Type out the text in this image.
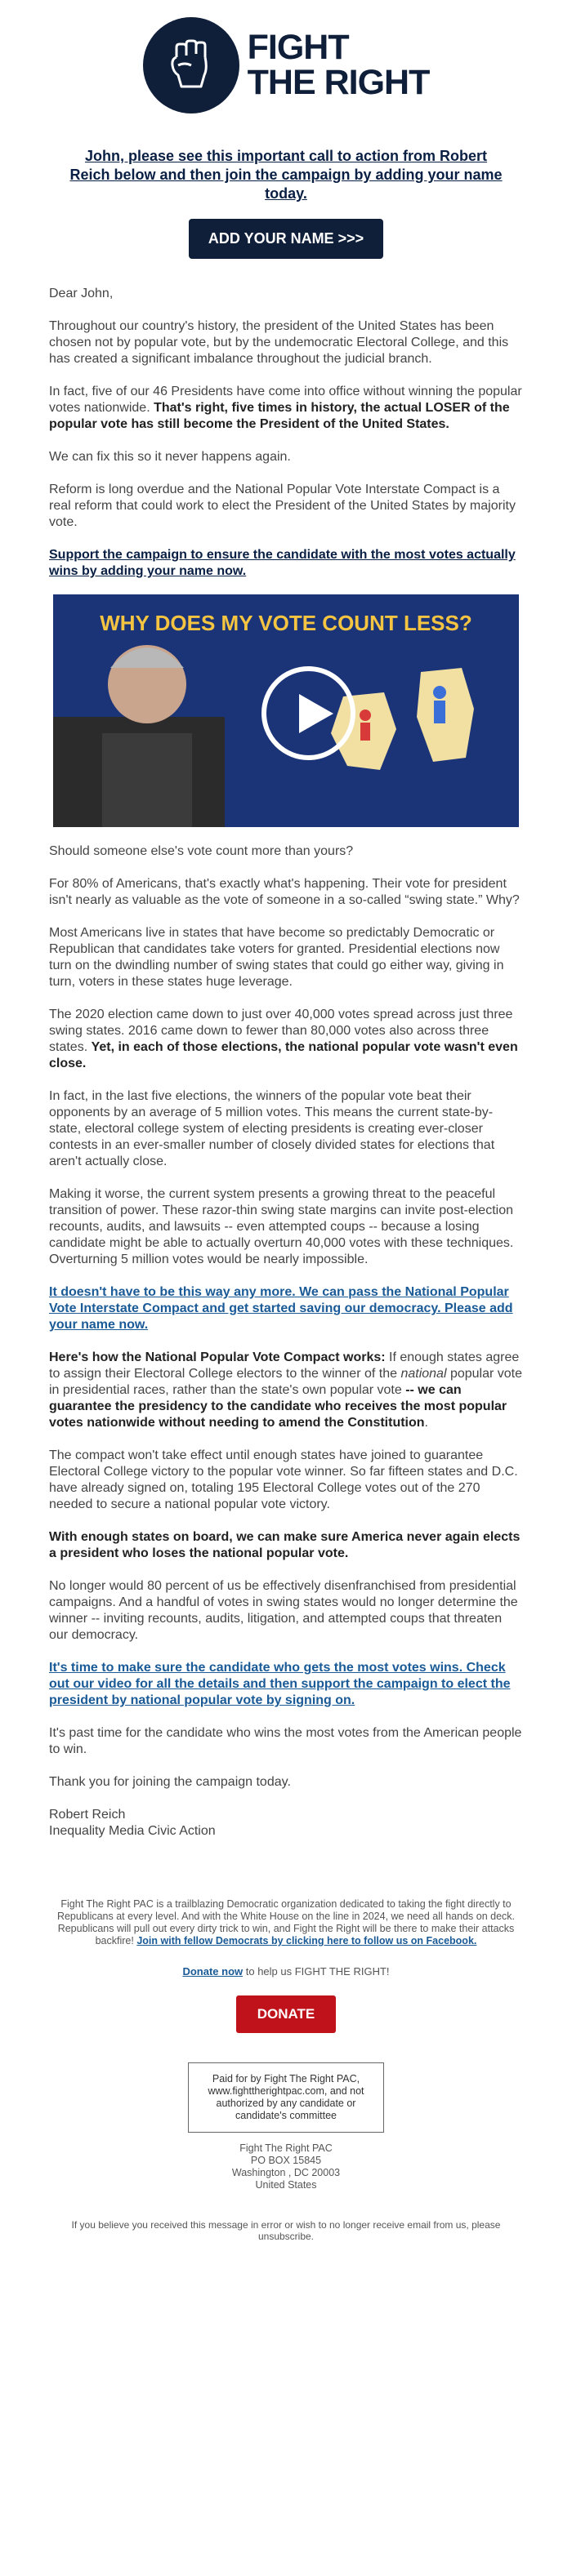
FIGHT
THE RIGHT
John, please see this important call to action from Robert Reich below and then join the campaign by adding your name today.
ADD YOUR NAME >>>

Dear John,

Throughout our country's history, the president of the United States has been chosen not by popular vote, but by the undemocratic Electoral College, and this has created a significant imbalance throughout the judicial branch.

In fact, five of our 46 Presidents have come into office without winning the popular votes nationwide. That's right, five times in history, the actual LOSER of the popular vote has still become the President of the United States.

We can fix this so it never happens again.

Reform is long overdue and the National Popular Vote Interstate Compact is a real reform that could work to elect the President of the United States by majority vote.

Support the campaign to ensure the candidate with the most votes actually wins by adding your name now.

WHY DOES MY VOTE COUNT LESS?

Should someone else's vote count more than yours?

For 80% of Americans, that's exactly what's happening. Their vote for president isn't nearly as valuable as the vote of someone in a so-called “swing state.” Why?

Most Americans live in states that have become so predictably Democratic or Republican that candidates take voters for granted. Presidential elections now turn on the dwindling number of swing states that could go either way, giving in turn, voters in these states huge leverage.

The 2020 election came down to just over 40,000 votes spread across just three swing states. 2016 came down to fewer than 80,000 votes also across three states. Yet, in each of those elections, the national popular vote wasn't even close.

In fact, in the last five elections, the winners of the popular vote beat their opponents by an average of 5 million votes. This means the current state-by-state, electoral college system of electing presidents is creating ever-closer contests in an ever-smaller number of closely divided states for elections that aren't actually close.

Making it worse, the current system presents a growing threat to the peaceful transition of power. These razor-thin swing state margins can invite post-election recounts, audits, and lawsuits -- even attempted coups -- because a losing candidate might be able to actually overturn 40,000 votes with these techniques. Overturning 5 million votes would be nearly impossible.

It doesn't have to be this way any more. We can pass the National Popular Vote Interstate Compact and get started saving our democracy. Please add your name now.

Here's how the National Popular Vote Compact works: If enough states agree to assign their Electoral College electors to the winner of the national popular vote in presidential races, rather than the state's own popular vote -- we can guarantee the presidency to the candidate who receives the most popular votes nationwide without needing to amend the Constitution.

The compact won't take effect until enough states have joined to guarantee Electoral College victory to the popular vote winner. So far fifteen states and D.C. have already signed on, totaling 195 Electoral College votes out of the 270 needed to secure a national popular vote victory.

With enough states on board, we can make sure America never again elects a president who loses the national popular vote.

No longer would 80 percent of us be effectively disenfranchised from presidential campaigns. And a handful of votes in swing states would no longer determine the winner -- inviting recounts, audits, litigation, and attempted coups that threaten our democracy.

It's time to make sure the candidate who gets the most votes wins. Check out our video for all the details and then support the campaign to elect the president by national popular vote by signing on.

It's past time for the candidate who wins the most votes from the American people to win.

Thank you for joining the campaign today.

Robert Reich
Inequality Media Civic Action

Fight The Right PAC is a trailblazing Democratic organization dedicated to taking the fight directly to Republicans at every level. And with the White House on the line in 2024, we need all hands on deck. Republicans will pull out every dirty trick to win, and Fight the Right will be there to make their attacks backfire! Join with fellow Democrats by clicking here to follow us on Facebook.
Donate now to help us FIGHT THE RIGHT!
DONATE
Paid for by Fight The Right PAC, www.fighttherightpac.com, and not authorized by any candidate or candidate's committee
Fight The Right PAC
PO BOX 15845
Washington , DC 20003
United States
If you believe you received this message in error or wish to no longer receive email from us, please unsubscribe.
